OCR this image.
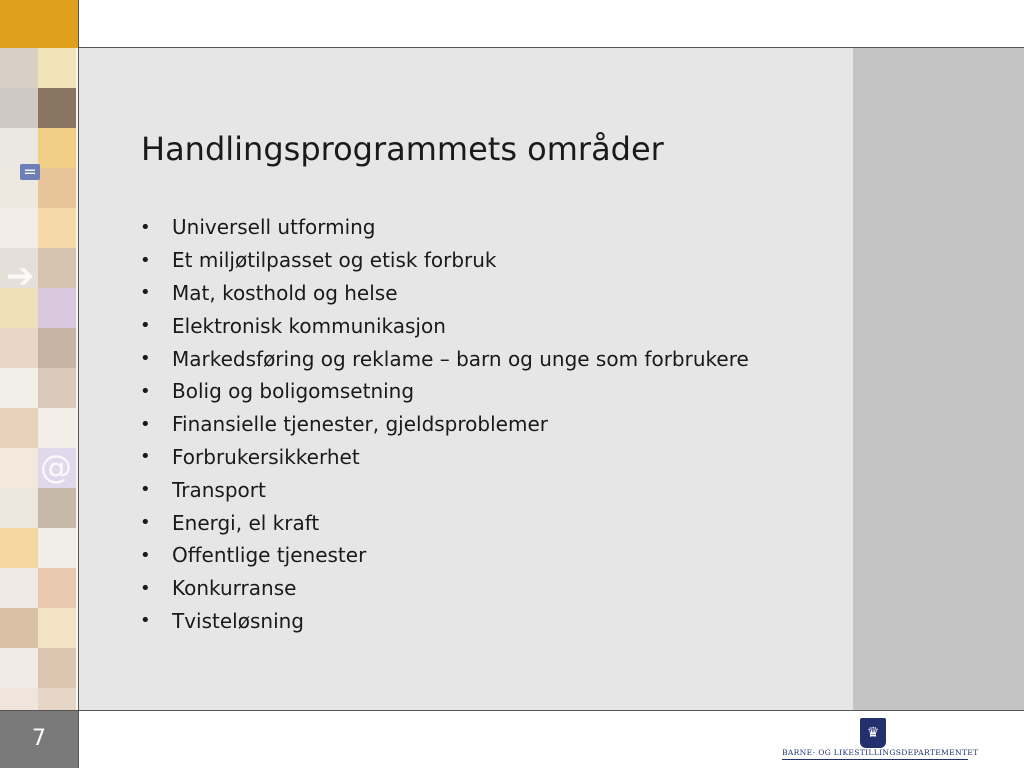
=
➔
@
Handlingsprogrammets områder
•	Universell utforming
•	Et miljøtilpasset og etisk forbruk
•	Mat, kosthold og helse
•	Elektronisk kommunikasjon
•	Markedsføring og reklame – barn og unge som forbrukere
•	Bolig og boligomsetning
•	Finansielle tjenester, gjeldsproblemer
•	Forbrukersikkerhet
•	Transport
•	Energi, el kraft
•	Offentlige tjenester
•	Konkurranse
•	Tvisteløsning
7	♛
BARNE- OG LIKESTILLINGSDEPARTEMENTET
